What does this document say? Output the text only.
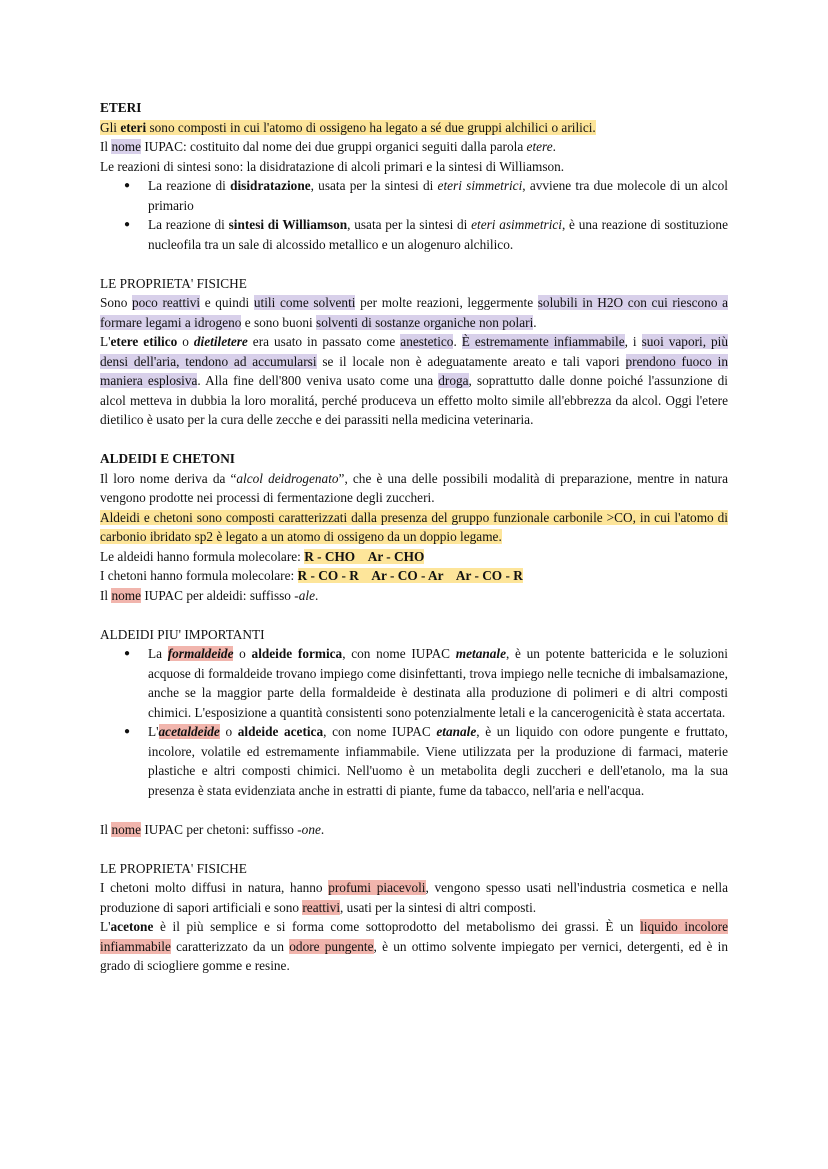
ETERI

Gli eteri sono composti in cui l'atomo di ossigeno ha legato a sé due gruppi alchilici o arilici.

Il nome IUPAC: costituito dal nome dei due gruppi organici seguiti dalla parola etere.

Le reazioni di sintesi sono: la disidratazione di alcoli primari e la sintesi di Williamson.

● La reazione di disidratazione, usata per la sintesi di eteri simmetrici, avviene tra due molecole di un alcol primario
● La reazione di sintesi di Williamson, usata per la sintesi di eteri asimmetrici, è una reazione di sostituzione nucleofila tra un sale di alcossido metallico e un alogenuro alchilico.

LE PROPRIETA' FISICHE

Sono poco reattivi e quindi utili come solventi per molte reazioni, leggermente solubili in H2O con cui riescono a formare legami a idrogeno e sono buoni solventi di sostanze organiche non polari.

L'etere etilico o dietiletere era usato in passato come anestetico. È estremamente infiammabile, i suoi vapori, più densi dell'aria, tendono ad accumularsi se il locale non è adeguatamente areato e tali vapori prendono fuoco in maniera esplosiva. Alla fine dell'800 veniva usato come una droga, soprattutto dalle donne poiché l'assunzione di alcol metteva in dubbia la loro moralitá, perché produceva un effetto molto simile all'ebbrezza da alcol. Oggi l'etere dietilico è usato per la cura delle zecche e dei parassiti nella medicina veterinaria.

ALDEIDI E CHETONI

Il loro nome deriva da “alcol deidrogenato”, che è una delle possibili modalità di preparazione, mentre in natura vengono prodotte nei processi di fermentazione degli zuccheri.

Aldeidi e chetoni sono composti caratterizzati dalla presenza del gruppo funzionale carbonile >CO, in cui l'atomo di carbonio ibridato sp2 è legato a un atomo di ossigeno da un doppio legame.

Le aldeidi hanno formula molecolare: R - CHO    Ar - CHO

I chetoni hanno formula molecolare: R - CO - R    Ar - CO - Ar    Ar - CO - R

Il nome IUPAC per aldeidi: suffisso -ale.

ALDEIDI PIU' IMPORTANTI

● La formaldeide o aldeide formica, con nome IUPAC metanale, è un potente battericida e le soluzioni acquose di formaldeide trovano impiego come disinfettanti, trova impiego nelle tecniche di imbalsamazione, anche se la maggior parte della formaldeide è destinata alla produzione di polimeri e di altri composti chimici. L'esposizione a quantità consistenti sono potenzialmente letali e la cancerogenicità è stata accertata.
● L'acetaldeide o aldeide acetica, con nome IUPAC etanale, è un liquido con odore pungente e fruttato, incolore, volatile ed estremamente infiammabile. Viene utilizzata per la produzione di farmaci, materie plastiche e altri composti chimici. Nell'uomo è un metabolita degli zuccheri e dell'etanolo, ma la sua presenza è stata evidenziata anche in estratti di piante, fume da tabacco, nell'aria e nell'acqua.

Il nome IUPAC per chetoni: suffisso -one.

LE PROPRIETA' FISICHE

I chetoni molto diffusi in natura, hanno profumi piacevoli, vengono spesso usati nell'industria cosmetica e nella produzione di sapori artificiali e sono reattivi, usati per la sintesi di altri composti.

L'acetone è il più semplice e si forma come sottoprodotto del metabolismo dei grassi. È un liquido incolore infiammabile caratterizzato da un odore pungente, è un ottimo solvente impiegato per vernici, detergenti, ed è in grado di sciogliere gomme e resine.
